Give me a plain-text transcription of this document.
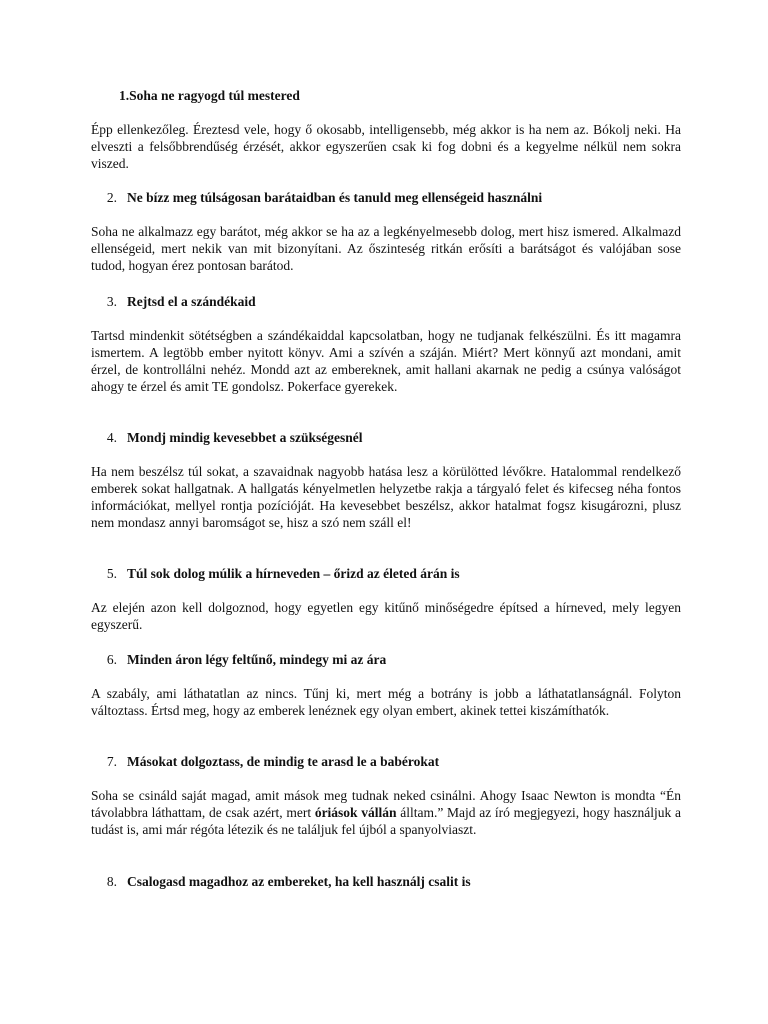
1.Soha ne ragyogd túl mestered
Épp ellenkezőleg. Éreztesd vele, hogy ő okosabb, intelligensebb, még akkor is ha nem az. Bókolj neki. Ha elveszti a felsőbbrendűség érzését, akkor egyszerűen csak ki fog dobni és a kegyelme nélkül nem sokra viszed.
2. Ne bízz meg túlságosan barátaidban és tanuld meg ellenségeid használni
Soha ne alkalmazz egy barátot, még akkor se ha az a legkényelmesebb dolog, mert hisz ismered. Alkalmazd ellenségeid, mert nekik van mit bizonyítani. Az őszinteség ritkán erősíti a barátságot és valójában sose tudod, hogyan érez pontosan barátod.
3. Rejtsd el a szándékaid
Tartsd mindenkit sötétségben a szándékaiddal kapcsolatban, hogy ne tudjanak felkészülni. És itt magamra ismertem. A legtöbb ember nyitott könyv. Ami a szívén a száján. Miért? Mert könnyű azt mondani, amit érzel, de kontrollálni nehéz. Mondd azt az embereknek, amit hallani akarnak ne pedig a csúnya valóságot ahogy te érzel és amit TE gondolsz. Pokerface gyerekek.
4. Mondj mindig kevesebbet a szükségesnél
Ha nem beszélsz túl sokat, a szavaidnak nagyobb hatása lesz a körülötted lévőkre. Hatalommal rendelkező emberek sokat hallgatnak. A hallgatás kényelmetlen helyzetbe rakja a tárgyaló felet és kifecseg néha fontos információkat, mellyel rontja pozícióját. Ha kevesebbet beszélsz, akkor hatalmat fogsz kisugározni, plusz nem mondasz annyi baromságot se, hisz a szó nem száll el!
5. Túl sok dolog múlik a hírneveden – őrizd az életed árán is
Az elején azon kell dolgoznod, hogy egyetlen egy kitűnő minőségedre építsed a hírneved, mely legyen egyszerű.
6. Minden áron légy feltűnő, mindegy mi az ára
A szabály, ami láthatatlan az nincs. Tűnj ki, mert még a botrány is jobb a láthatatlanságnál. Folyton változtass. Értsd meg, hogy az emberek lenéznek egy olyan embert, akinek tettei kiszámíthatók.
7. Másokat dolgoztass, de mindig te arasd le a babérokat
Soha se csináld saját magad, amit mások meg tudnak neked csinálni. Ahogy Isaac Newton is mondta “Én távolabbra láthattam, de csak azért, mert óriások vállán álltam.” Majd az író megjegyezi, hogy használjuk a tudást is, ami már régóta létezik és ne találjuk fel újból a spanyolviaszt.
8. Csalogasd magadhoz az embereket, ha kell használj csalit is
